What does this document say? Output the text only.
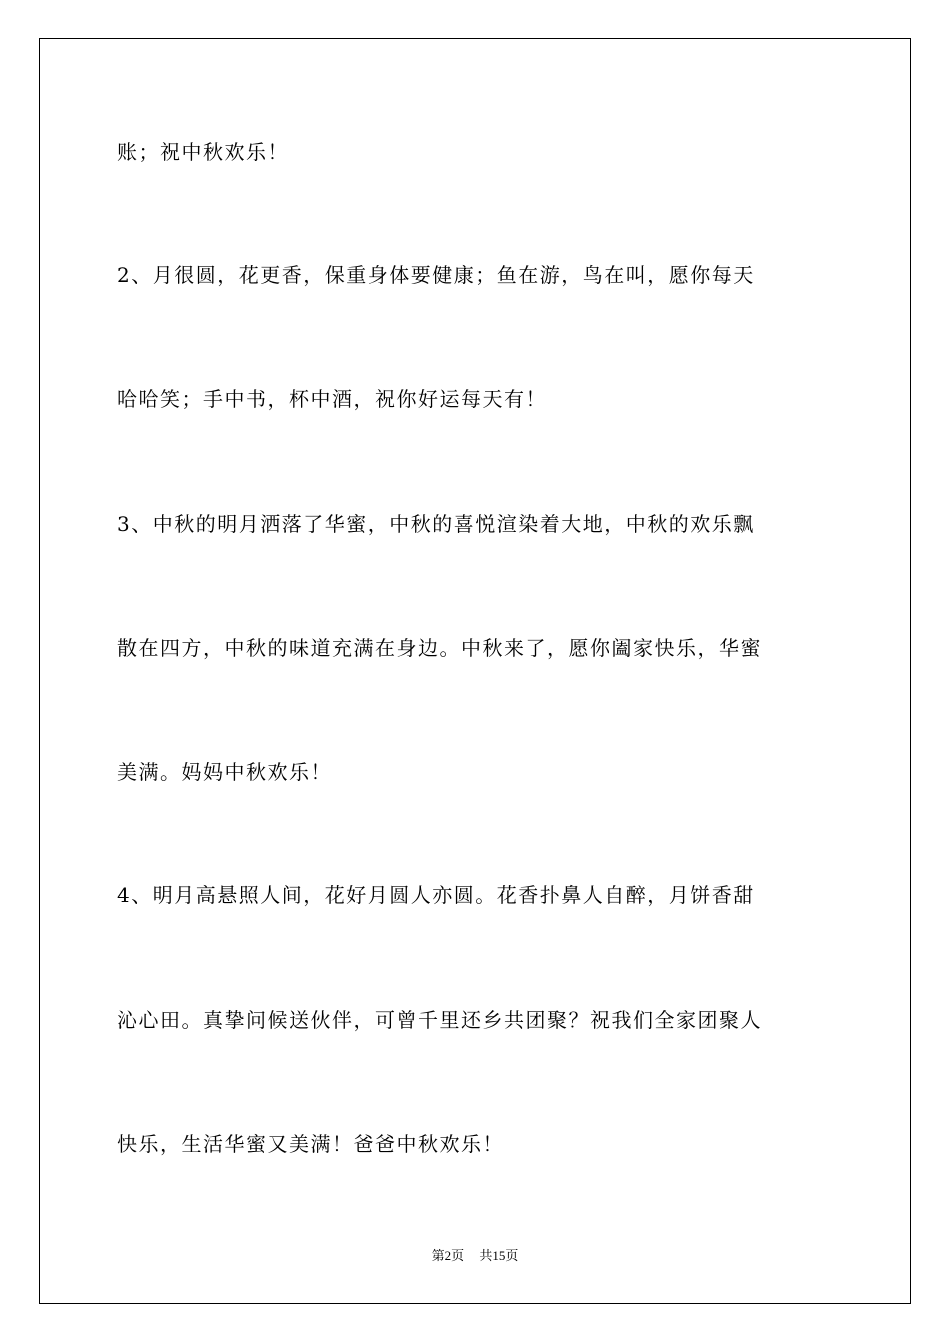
账；祝中秋欢乐！
2、月很圆，花更香，保重身体要健康；鱼在游，鸟在叫，愿你每天
哈哈笑；手中书，杯中酒，祝你好运每天有！
3、中秋的明月洒落了华蜜，中秋的喜悦渲染着大地，中秋的欢乐飘
散在四方，中秋的味道充满在身边。中秋来了，愿你阖家快乐，华蜜
美满。妈妈中秋欢乐！
4、明月高悬照人间，花好月圆人亦圆。花香扑鼻人自醉，月饼香甜
沁心田。真挚问候送伙伴，可曾千里还乡共团聚？祝我们全家团聚人
快乐，生活华蜜又美满！爸爸中秋欢乐！
第2页 共15页
